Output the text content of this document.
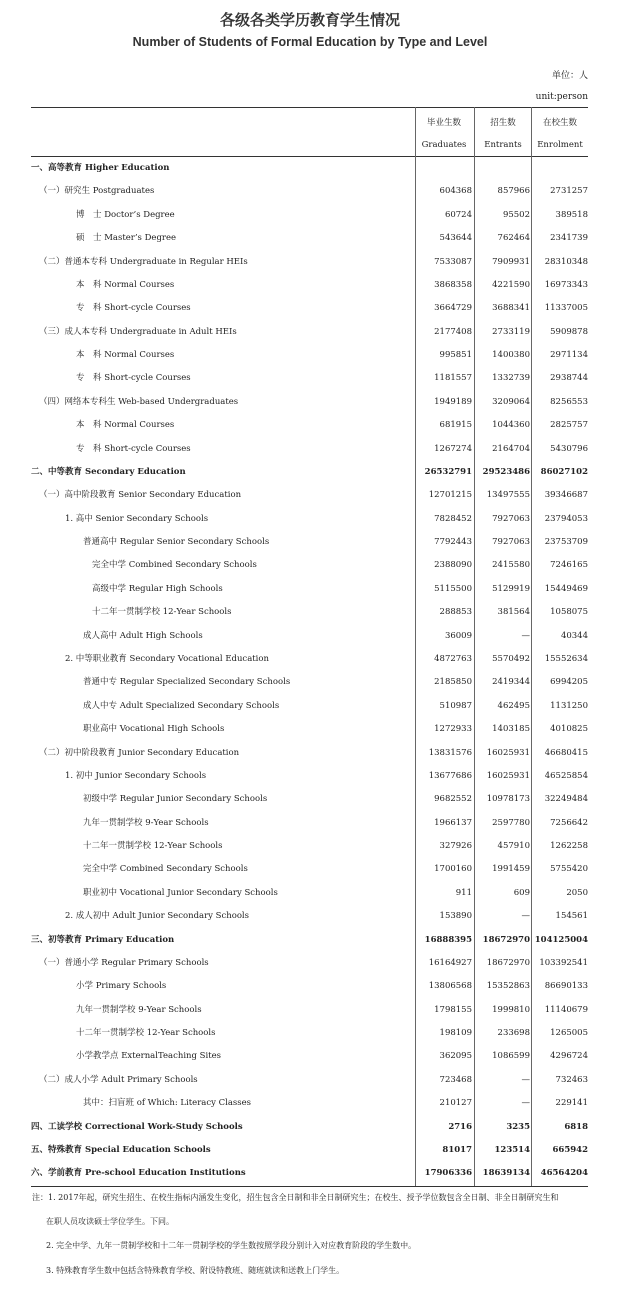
各级各类学历教育学生情况
Number of Students of Formal Education by Type and Level
单位：人
unit:person
毕业生数
Graduates
招生数
Entrants
在校生数
Enrolment
一、高等教育 Higher Education
（一）研究生 Postgraduates	604368	857966	2731257
博　士 Doctor’s Degree	60724	95502	389518
硕　士 Master’s Degree	543644	762464	2341739
（二）普通本专科 Undergraduate in Regular HEIs	7533087	7909931	28310348
本　科 Normal Courses	3868358	4221590	16973343
专　科 Short-cycle Courses	3664729	3688341	11337005
（三）成人本专科 Undergraduate in Adult HEIs	2177408	2733119	5909878
本　科 Normal Courses	995851	1400380	2971134
专　科 Short-cycle Courses	1181557	1332739	2938744
（四）网络本专科生 Web-based Undergraduates	1949189	3209064	8256553
本　科 Normal Courses	681915	1044360	2825757
专　科 Short-cycle Courses	1267274	2164704	5430796
二、中等教育 Secondary Education	26532791	29523486	86027102
（一）高中阶段教育 Senior Secondary Education	12701215	13497555	39346687
1. 高中 Senior Secondary Schools	7828452	7927063	23794053
普通高中 Regular Senior Secondary Schools	7792443	7927063	23753709
完全中学 Combined Secondary Schools	2388090	2415580	7246165
高级中学 Regular High Schools	5115500	5129919	15449469
十二年一贯制学校 12-Year Schools	288853	381564	1058075
成人高中 Adult High Schools	36009	—	40344
2. 中等职业教育 Secondary Vocational Education	4872763	5570492	15552634
普通中专 Regular Specialized Secondary Schools	2185850	2419344	6994205
成人中专 Adult Specialized Secondary Schools	510987	462495	1131250
职业高中 Vocational High Schools	1272933	1403185	4010825
（二）初中阶段教育 Junior Secondary Education	13831576	16025931	46680415
1. 初中 Junior Secondary Schools	13677686	16025931	46525854
初级中学 Regular Junior Secondary Schools	9682552	10978173	32249484
九年一贯制学校 9-Year Schools	1966137	2597780	7256642
十二年一贯制学校 12-Year Schools	327926	457910	1262258
完全中学 Combined Secondary Schools	1700160	1991459	5755420
职业初中 Vocational Junior Secondary Schools	911	609	2050
2. 成人初中 Adult Junior Secondary Schools	153890	—	154561
三、初等教育 Primary Education	16888395	18672970 104125004
（一）普通小学 Regular Primary Schools	16164927	18672970	103392541
小学 Primary Schools	13806568	15352863	86690133
九年一贯制学校 9-Year Schools	1798155	1999810	11140679
十二年一贯制学校 12-Year Schools	198109	233698	1265005
小学教学点 ExternalTeaching Sites	362095	1086599	4296724
（二）成人小学 Adult Primary Schools	723468	—	732463
其中：扫盲班 of Which: Literacy Classes	210127	—	229141
四、工读学校 Correctional Work-Study Schools	2716	3235	6818
五、特殊教育 Special Education Schools	81017	123514	665942
六、学前教育 Pre-school Education Institutions	17906336	18639134	46564204
注：1. 2017年起，研究生招生、在校生指标内涵发生变化，招生包含全日制和非全日制研究生；在校生、授予学位数包含全日制、非全日制研究生和
在职人员攻读硕士学位学生。下同。
2. 完全中学、九年一贯制学校和十二年一贯制学校的学生数按照学段分别计入对应教育阶段的学生数中。
3. 特殊教育学生数中包括含特殊教育学校、附设特教班、随班就读和送教上门学生。
